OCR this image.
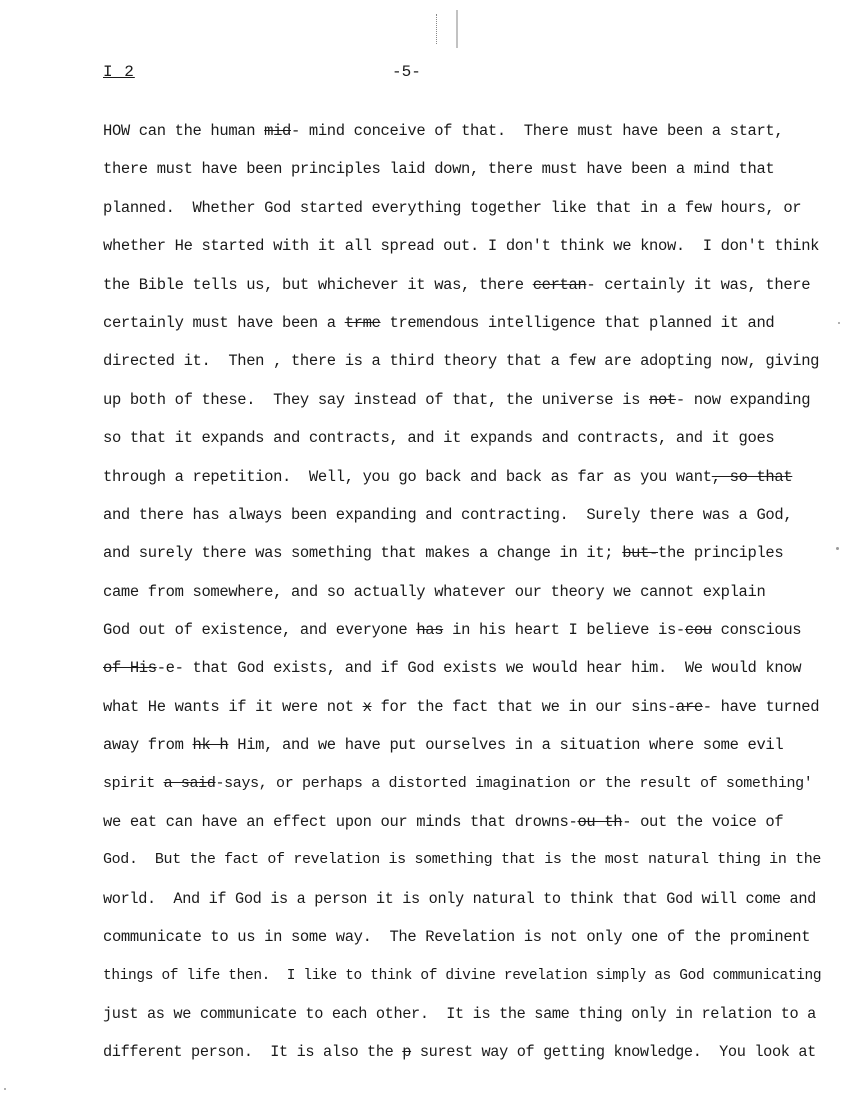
I 2	-5-
HOW can the human mid- mind conceive of that.  There must have been a start,
there must have been principles laid down, there must have been a mind that
planned.  Whether God started everything together like that in a few hours, or
whether He started with it all spread out. I don't think we know.  I don't think
the Bible tells us, but whichever it was, there certan- certainly it was, there
certainly must have been a trme tremendous intelligence that planned it and
directed it.  Then , there is a third theory that a few are adopting now, giving
up both of these.  They say instead of that, the universe is not- now expanding
so that it expands and contracts, and it expands and contracts, and it goes
through a repetition.  Well, you go back and back as far as you want, so that
and there has always been expanding and contracting.  Surely there was a God,
and surely there was something that makes a change in it; but-the principles
came from somewhere, and so actually whatever our theory we cannot explain
God out of existence, and everyone has in his heart I believe is-cou conscious
of His-e- that God exists, and if God exists we would hear him.  We would know
what He wants if it were not x for the fact that we in our sins-are- have turned
away from hk h Him, and we have put ourselves in a situation where some evil
spirit a said-says, or perhaps a distorted imagination or the result of something'
we eat can have an effect upon our minds that drowns-ou th- out the voice of
God.  But the fact of revelation is something that is the most natural thing in the
world.  And if God is a person it is only natural to think that God will come and
communicate to us in some way.  The Revelation is not only one of the prominent
things of life then.  I like to think of divine revelation simply as God communicating
just as we communicate to each other.  It is the same thing only in relation to a
different person.  It is also the p surest way of getting knowledge.  You look at
